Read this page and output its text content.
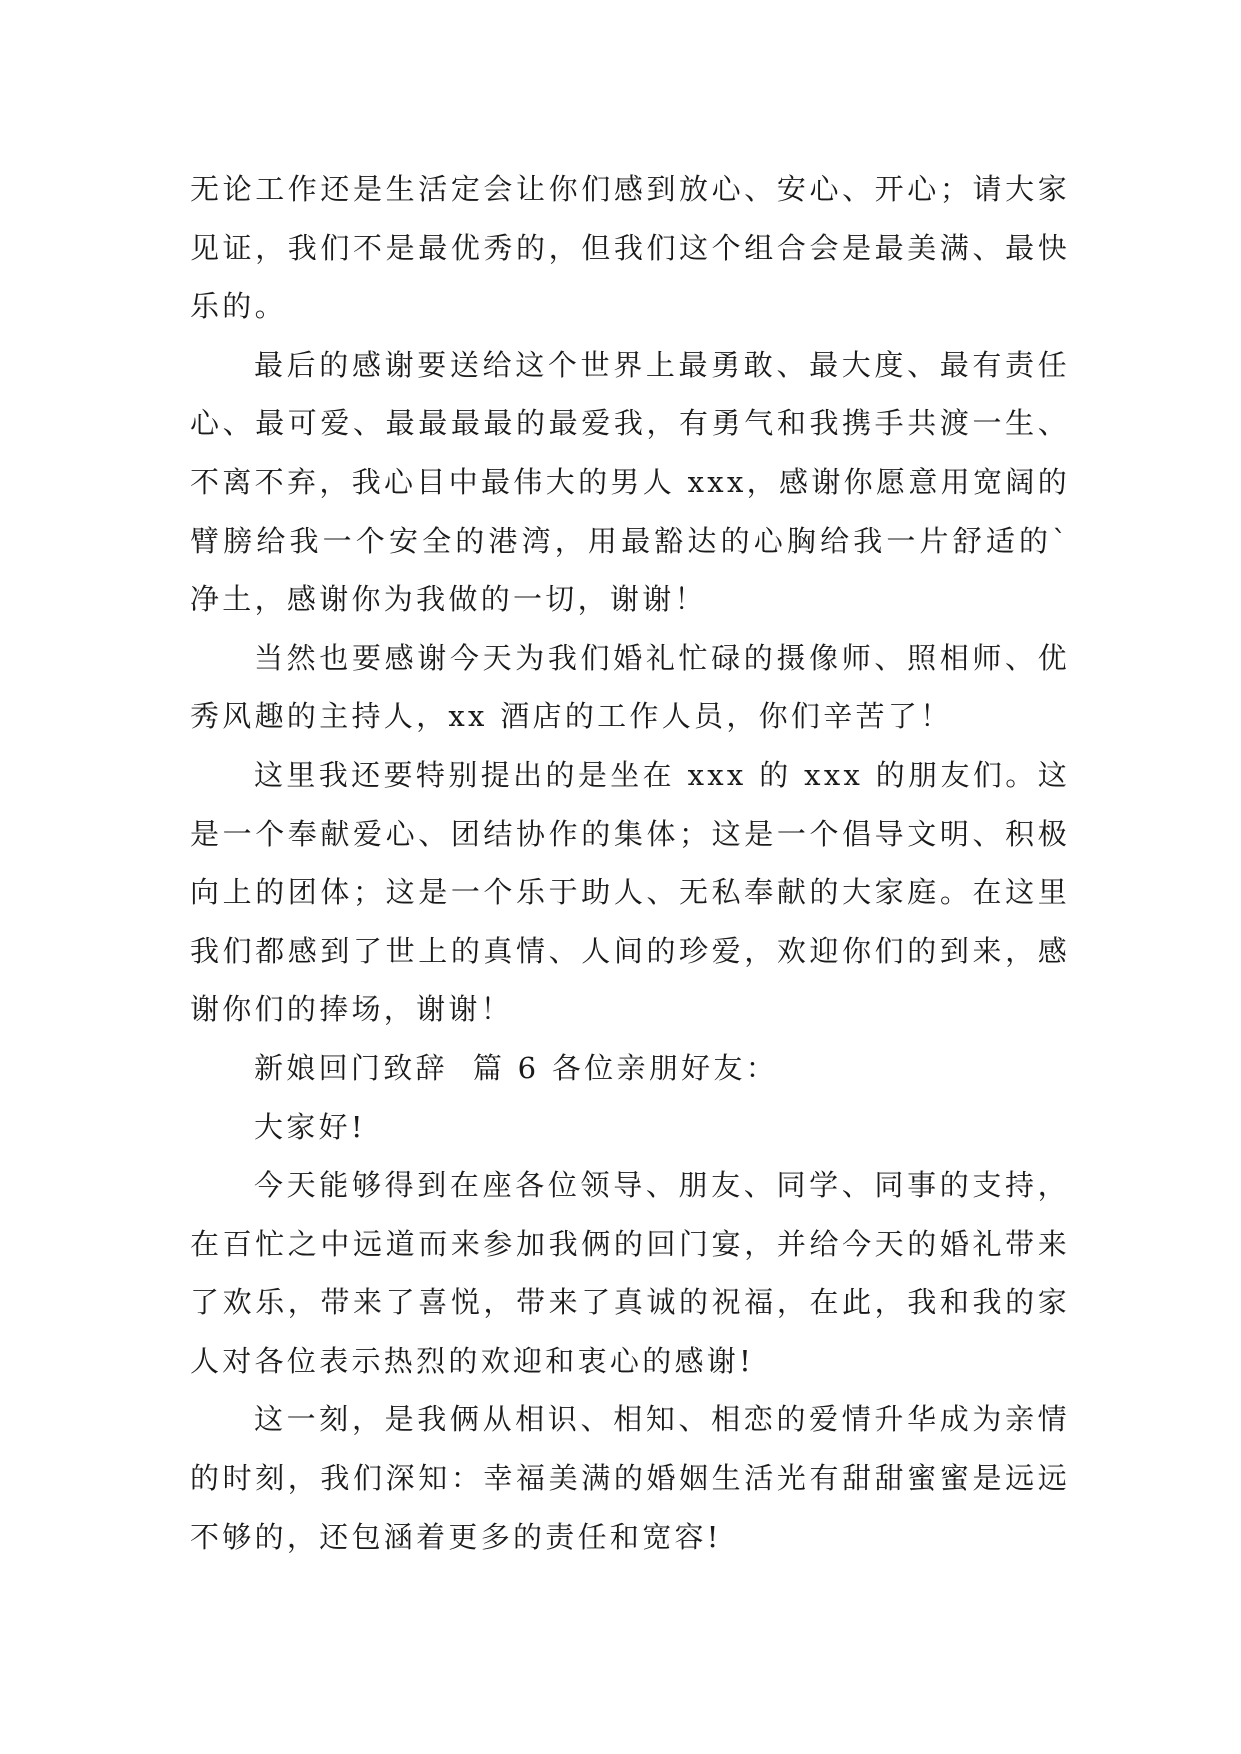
无论工作还是生活定会让你们感到放心、安心、开心；请大家见证，我们不是最优秀的，但我们这个组合会是最美满、最快乐的。

最后的感谢要送给这个世界上最勇敢、最大度、最有责任心、最可爱、最最最最的最爱我，有勇气和我携手共渡一生、不离不弃，我心目中最伟大的男人 xxx，感谢你愿意用宽阔的臂膀给我一个安全的港湾，用最豁达的心胸给我一片舒适的`净土，感谢你为我做的一切，谢谢！

当然也要感谢今天为我们婚礼忙碌的摄像师、照相师、优秀风趣的主持人，xx 酒店的工作人员，你们辛苦了！

这里我还要特别提出的是坐在 xxx 的 xxx 的朋友们。这是一个奉献爱心、团结协作的集体；这是一个倡导文明、积极向上的团体；这是一个乐于助人、无私奉献的大家庭。在这里我们都感到了世上的真情、人间的珍爱，欢迎你们的到来，感谢你们的捧场，谢谢！

新娘回门致辞  篇 6 各位亲朋好友：

大家好!

今天能够得到在座各位领导、朋友、同学、同事的支持，在百忙之中远道而来参加我俩的回门宴，并给今天的婚礼带来了欢乐，带来了喜悦，带来了真诚的祝福，在此，我和我的家人对各位表示热烈的欢迎和衷心的感谢!

这一刻，是我俩从相识、相知、相恋的爱情升华成为亲情的时刻，我们深知：幸福美满的婚姻生活光有甜甜蜜蜜是远远不够的，还包涵着更多的责任和宽容!
